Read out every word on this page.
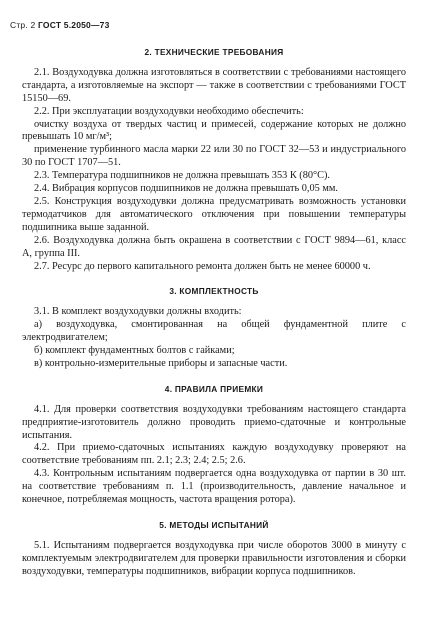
Стр. 2 ГОСТ 5.2050—73
2. ТЕХНИЧЕСКИЕ ТРЕБОВАНИЯ

2.1. Воздуходувка должна изготовляться в соответствии с требованиями настоящего стандарта, а изготовляемые на экспорт — также в соответствии с требованиями ГОСТ 15150—69.

2.2. При эксплуатации воздуходувки необходимо обеспечить:

очистку воздуха от твердых частиц и примесей, содержание которых не должно превышать 10 мг/м³;

применение турбинного масла марки 22 или 30 по ГОСТ 32—53 и индустриального 30 по ГОСТ 1707—51.

2.3. Температура подшипников не должна превышать 353 К (80°С).

2.4. Вибрация корпусов подшипников не должна превышать 0,05 мм.

2.5. Конструкция воздуходувки должна предусматривать возможность установки термодатчиков для автоматического отключения при повышении температуры подшипника выше заданной.

2.6. Воздуходувка должна быть окрашена в соответствии с ГОСТ 9894—61, класс А, группа III.

2.7. Ресурс до первого капитального ремонта должен быть не менее 60000 ч.

3. КОМПЛЕКТНОСТЬ

3.1. В комплект воздуходувки должны входить:

а) воздуходувка, смонтированная на общей фундаментной плите с электродвигателем;

б) комплект фундаментных болтов с гайками;

в) контрольно-измерительные приборы и запасные части.

4. ПРАВИЛА ПРИЕМКИ

4.1. Для проверки соответствия воздуходувки требованиям настоящего стандарта предприятие-изготовитель должно проводить приемо-сдаточные и контрольные испытания.

4.2. При приемо-сдаточных испытаниях каждую воздуходувку проверяют на соответствие требованиям пп. 2.1; 2.3; 2.4; 2.5; 2.6.

4.3. Контрольным испытаниям подвергается одна воздуходувка от партии в 30 шт. на соответствие требованиям п. 1.1 (производительность, давление начальное и конечное, потребляемая мощность, частота вращения ротора).

5. МЕТОДЫ ИСПЫТАНИЙ

5.1. Испытаниям подвергается воздуходувка при числе оборотов 3000 в минуту с комплектуемым электродвигателем для проверки правильности изготовления и сборки воздуходувки, температуры подшипников, вибрации корпуса подшипников.
